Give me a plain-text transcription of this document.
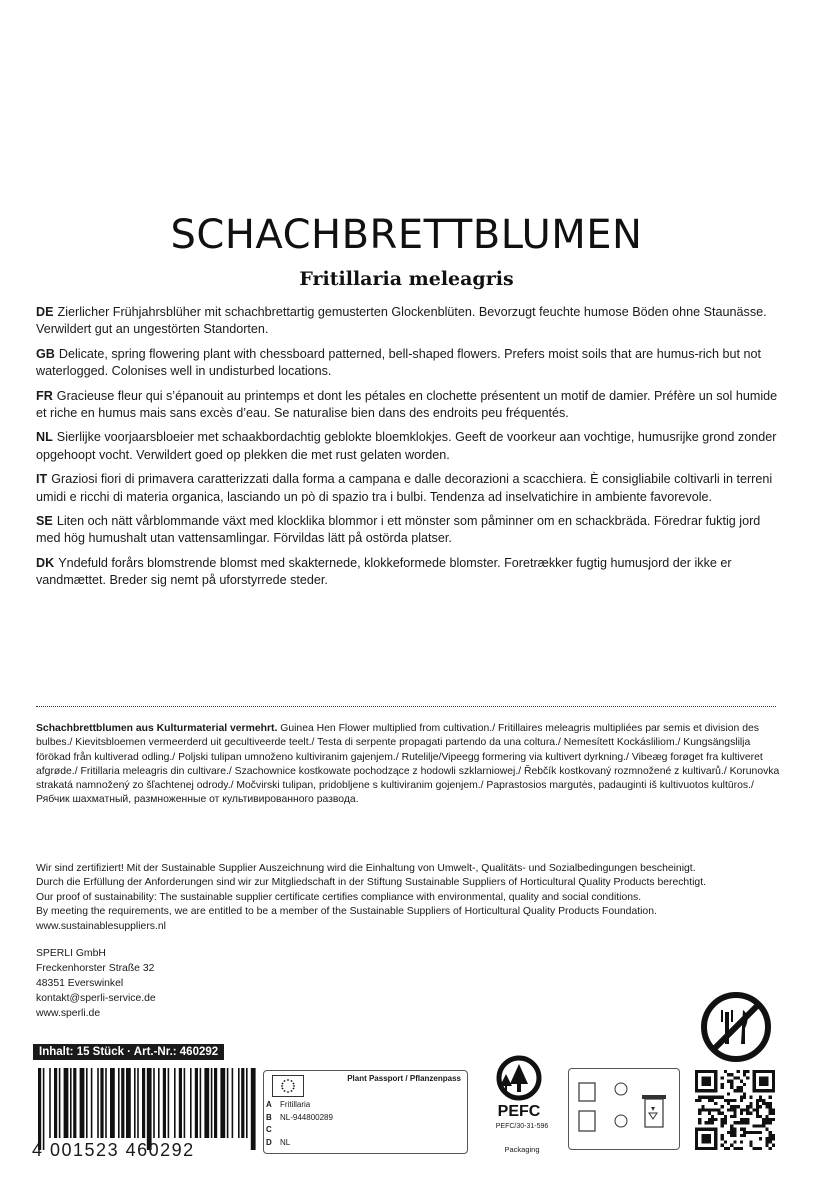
SCHACHBRETTBLUMEN
Fritillaria meleagris

DE Zierlicher Frühjahrsblüher mit schachbrettartig gemusterten Glockenblüten. Bevorzugt feuchte humose Böden ohne Staunässe. Verwildert gut an ungestörten Standorten.

GB Delicate, spring flowering plant with chessboard patterned, bell-shaped flowers. Prefers moist soils that are humus-rich but not waterlogged. Colonises well in undisturbed locations.

FR Gracieuse fleur qui s’épanouit au printemps et dont les pétales en clochette présentent un motif de damier. Préfère un sol humide et riche en humus mais sans excès d’eau. Se naturalise bien dans des endroits peu fréquentés.

NL Sierlijke voorjaarsbloeier met schaakbordachtig geblokte bloemklokjes. Geeft de voorkeur aan vochtige, humusrijke grond zonder opgehoopt vocht. Verwildert goed op plekken die met rust gelaten worden.

IT Graziosi fiori di primavera caratterizzati dalla forma a campana e dalle decorazioni a scacchiera. È consigliabile coltivarli in terreni umidi e ricchi di materia organica, lasciando un pò di spazio tra i bulbi. Tendenza ad inselvatichire in ambiente favorevole.

SE Liten och nätt vårblommande växt med klocklika blommor i ett mönster som påminner om en schackbräda. Föredrar fuktig jord med hög humushalt utan vattensamlingar. Förvildas lätt på ostörda platser.

DK Yndefuld forårs blomstrende blomst med skakternede, klokkeformede blomster. Foretrækker fugtig humusjord der ikke er vandmættet. Breder sig nemt på uforstyrrede steder.

Schachbrettblumen aus Kulturmaterial vermehrt. Guinea Hen Flower multiplied from cultivation./ Fritillaires meleagris multipliées par semis et division des bulbes./ Kievitsbloemen vermeerderd uit gecultiveerde teelt./ Testa di serpente propagati partendo da una coltura./ Nemesített Kockásliliom./ Kungsängslilja förökad från kultiverad odling./ Poljski tulipan umnoženo kultiviranim gajenjem./ Rutelilje/Vipeegg formering via kultivert dyrkning./ Vibeæg forøget fra kultiveret afgrøde./ Fritillaria meleagris din cultivare./ Szachownice kostkowate pochodzące z hodowli szklarniowej./ Řebčík kostkovaný rozmnožené z kultivarů./ Korunovka strakatá namnožený zo šľachtenej odrody./ Močvirski tulipan, pridobljene s kultiviranim gojenjem./ Paprastosios margutės, padauginti iš kultivuotos kultūros./ Рябчик шахматный, размноженные от культивированного развода.
Wir sind zertifiziert! Mit der Sustainable Supplier Auszeichnung wird die Einhaltung von Umwelt-, Qualitäts- und Sozialbedingungen bescheinigt.
Durch die Erfüllung der Anforderungen sind wir zur Mitgliedschaft in der Stiftung Sustainable Suppliers of Horticultural Quality Products berechtigt.
Our proof of sustainability: The sustainable supplier certificate certifies compliance with environmental, quality and social conditions.
By meeting the requirements, we are entitled to be a member of the Sustainable Suppliers of Horticultural Quality Products Foundation.
www.sustainablesuppliers.nl
SPERLI GmbH
Freckenhorster Straße 32
48351 Everswinkel
kontakt@sperli-service.de
www.sperli.de
Inhalt: 15 Stück · Art.-Nr.: 460292
4 001523 460292
Plant Passport / Pflanzenpass
A	Fritillaria
B	NL-944800289
C
D	NL
PEFC
PEFC/30-31-596
Packaging
